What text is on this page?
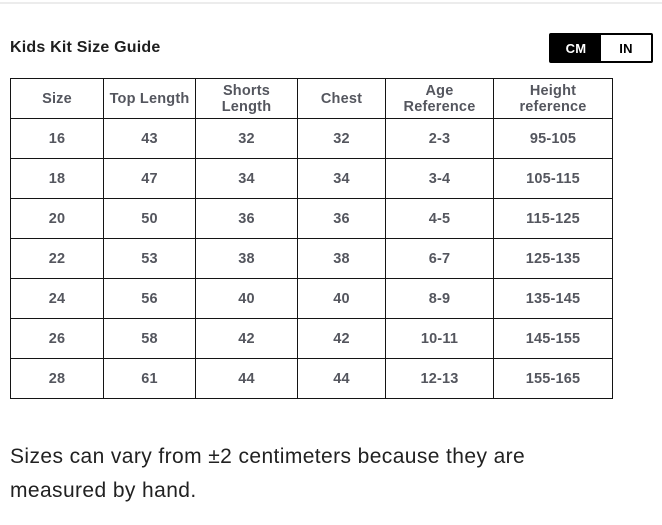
Kids Kit Size Guide	CM	IN
Size	Top Length	Shorts Length	Chest	Age Reference	Height reference
16	43	32	32	2-3	95-105
18	47	34	34	3-4	105-115
20	50	36	36	4-5	115-125
22	53	38	38	6-7	125-135
24	56	40	40	8-9	135-145
26	58	42	42	10-11	145-155
28	61	44	44	12-13	155-165

Sizes can vary from ±2 centimeters because they are measured by hand.
